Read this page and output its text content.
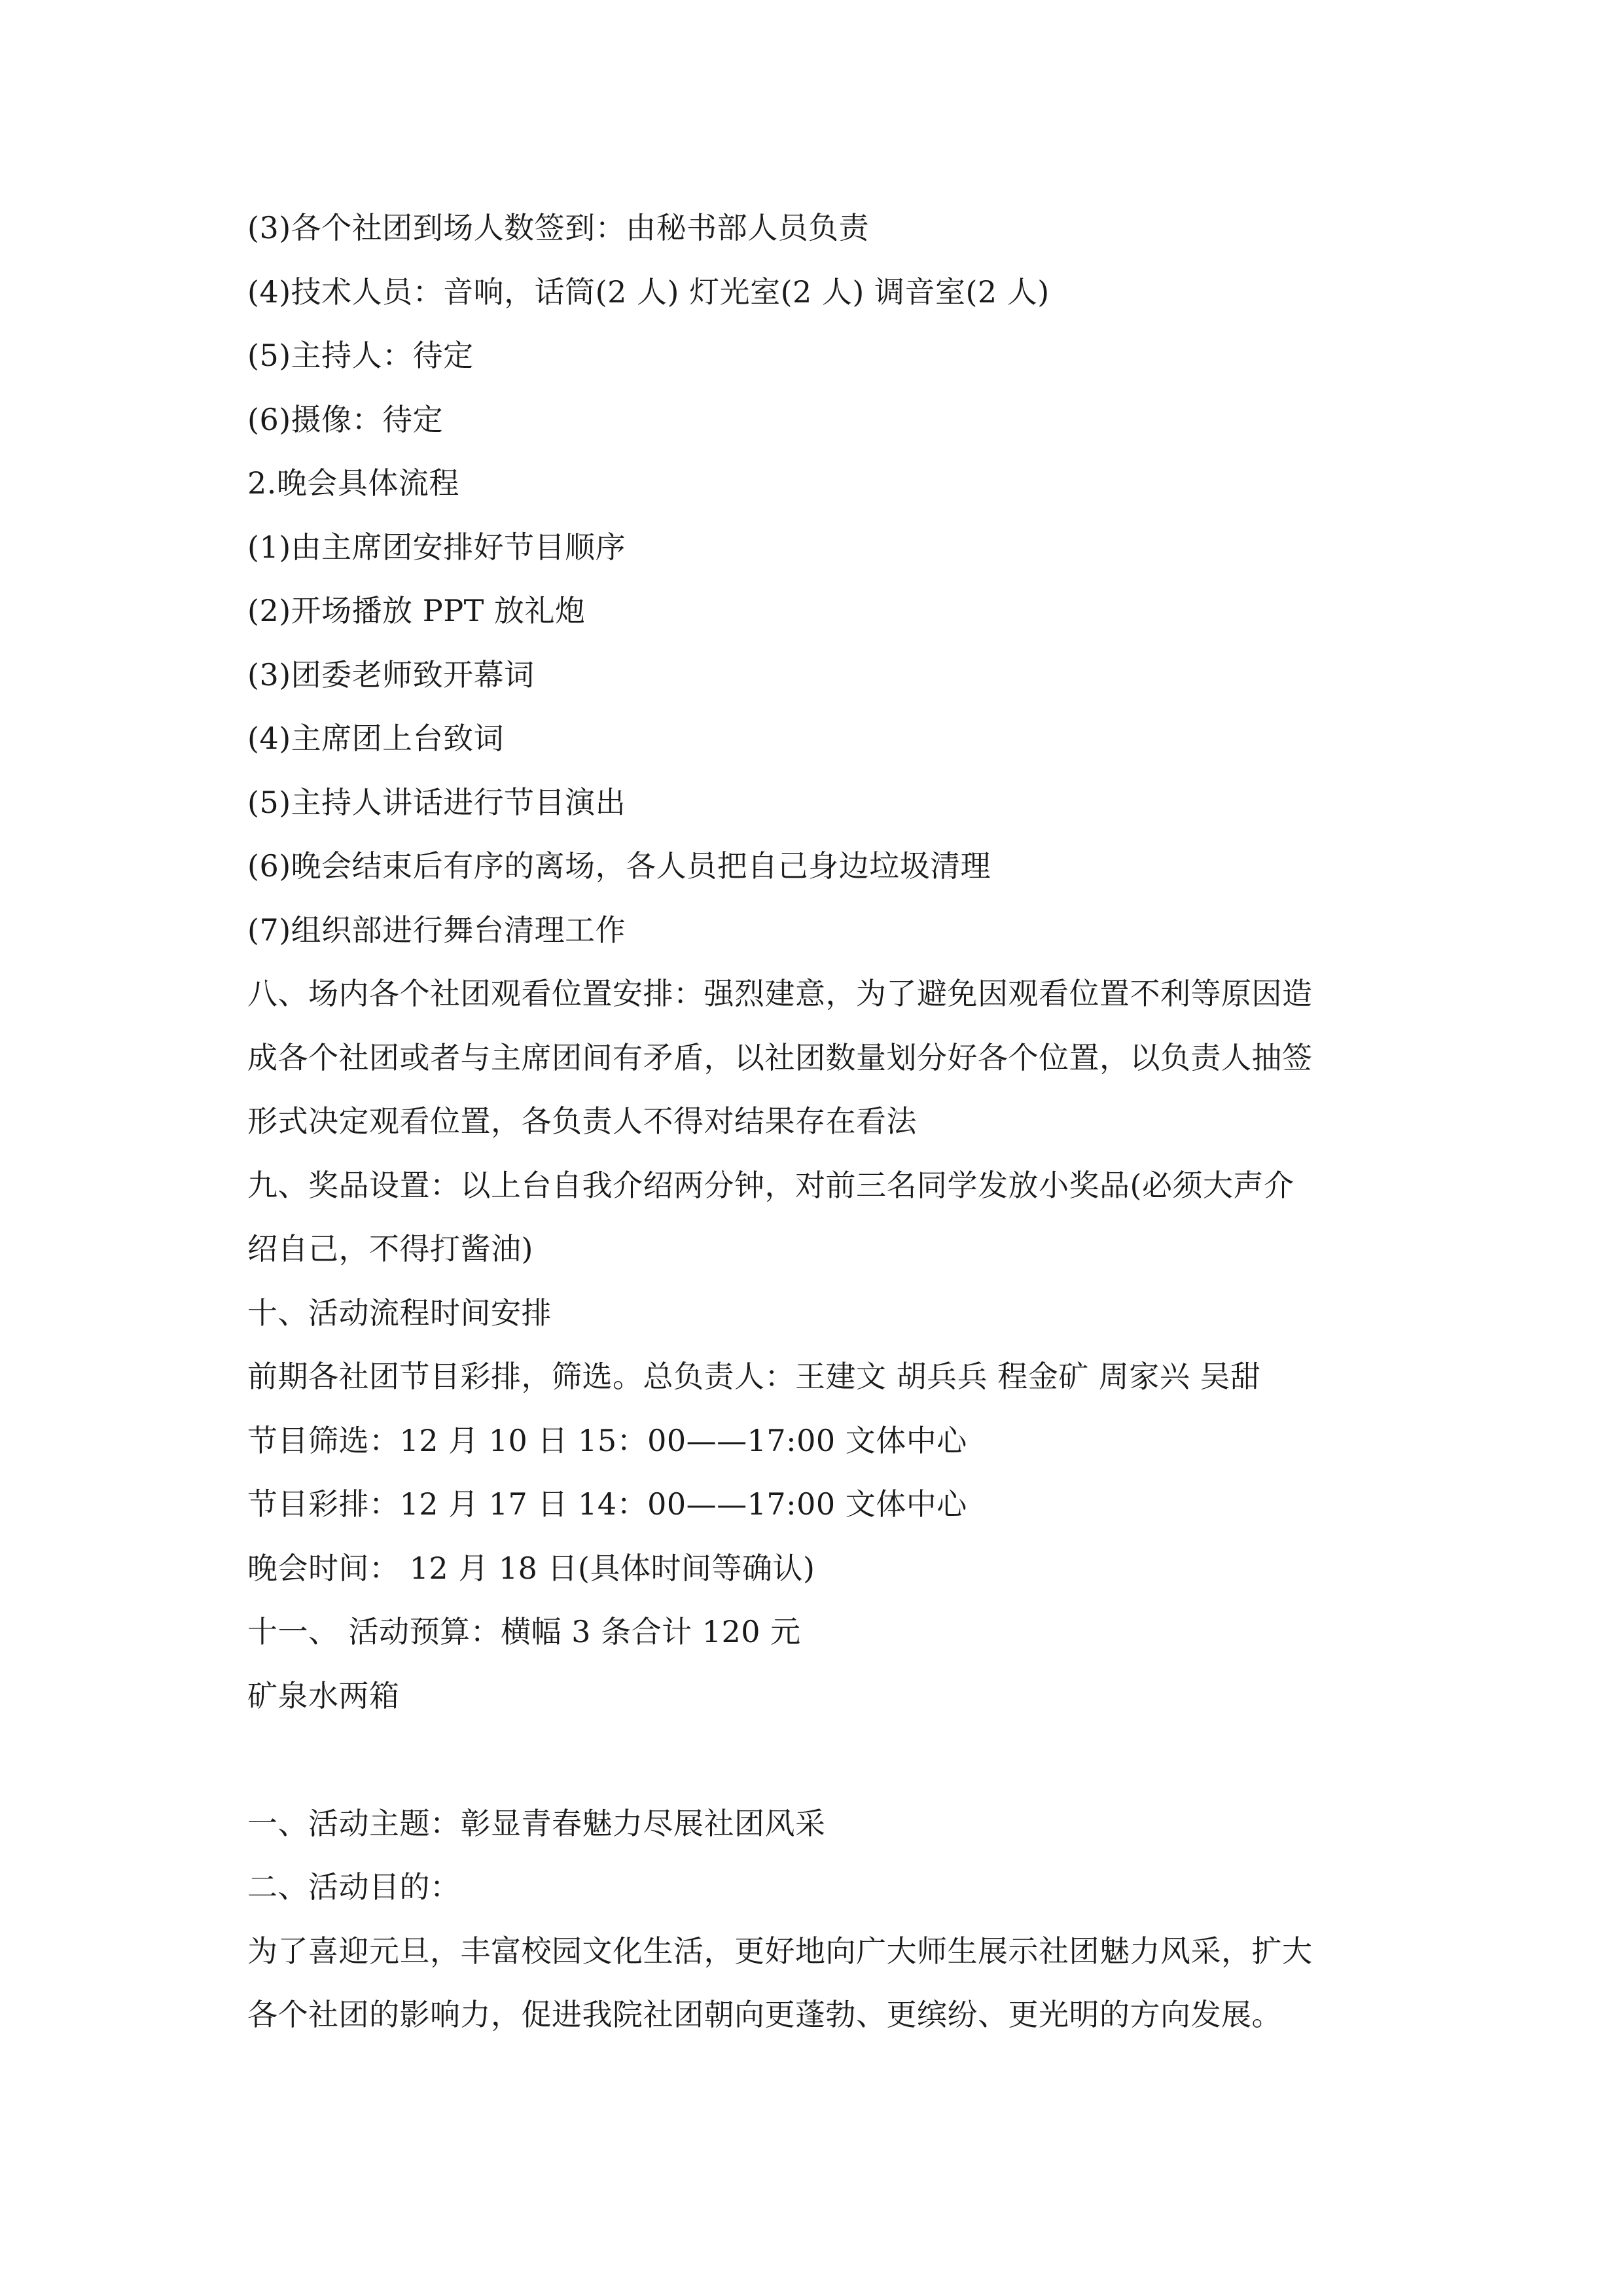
(3)各个社团到场人数签到：由秘书部人员负责
(4)技术人员：音响，话筒(2 人) 灯光室(2 人) 调音室(2 人)
(5)主持人：待定
(6)摄像：待定
2.晚会具体流程
(1)由主席团安排好节目顺序
(2)开场播放 PPT 放礼炮
(3)团委老师致开幕词
(4)主席团上台致词
(5)主持人讲话进行节目演出
(6)晚会结束后有序的离场，各人员把自己身边垃圾清理
(7)组织部进行舞台清理工作
八、场内各个社团观看位置安排：强烈建意，为了避免因观看位置不利等原因造
成各个社团或者与主席团间有矛盾，以社团数量划分好各个位置，以负责人抽签
形式决定观看位置，各负责人不得对结果存在看法
九、奖品设置：以上台自我介绍两分钟，对前三名同学发放小奖品(必须大声介
绍自己，不得打酱油)
十、活动流程时间安排
前期各社团节目彩排，筛选。总负责人：王建文 胡兵兵 程金矿 周家兴 吴甜
节目筛选：12 月 10 日 15：00——17:00 文体中心
节目彩排：12 月 17 日 14：00——17:00 文体中心
晚会时间： 12 月 18 日(具体时间等确认)
十一、 活动预算：横幅 3 条合计 120 元
矿泉水两箱
一、活动主题：彰显青春魅力尽展社团风采
二、活动目的：
为了喜迎元旦，丰富校园文化生活，更好地向广大师生展示社团魅力风采，扩大
各个社团的影响力，促进我院社团朝向更蓬勃、更缤纷、更光明的方向发展。
